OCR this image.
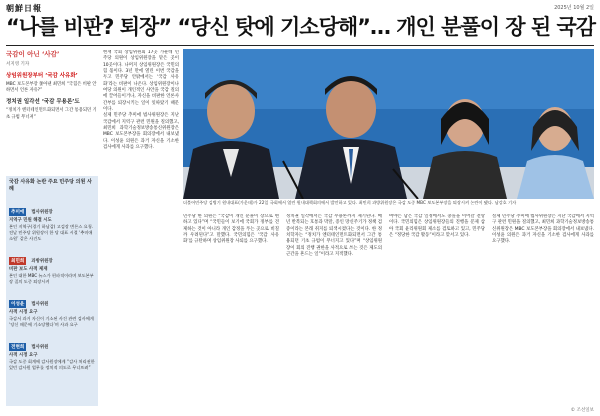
朝鮮日報	2025년 10월 2일
“나를 비판? 퇴장” “당신 탓에 기소당해”… 개인 분풀이 장 된 국감
국감이 아닌 ‘사감’
서지영 기자
상임위원장부터 ‘국감 사유화’
MBC 보도본부장 쫓아낸 최민희 “국힘은 비판 안 하면서 언론 자유?”
정치권 일각선 ‘국감 무용론’도
“정치가 엔터테인먼트화되면서 그간 통용되던 기초 규범 무너져”
국감 사유화 논란 주요 민주당 의원 사례
추미애 법사위원장
지역구 민원 해결 시도
본인 지역구(경기 하남갑) 고검장 변론스 요청. 전날 민주당 위원장이 한 당 대표 시절 ‘추미애 소원’ 같은 사건도
최민희 과방위원장
비판 보도 사적 제재
본인 대한 MBC 뉴스가 편파적이라며 보도본부장 질의 도중 퇴장시켜
이성윤 법사위원
사적 시정 요구
국감서 과거 자신이 기소된 사건 관련 검사에게 ‘당신 때문에 기소당했다’며 사과 요구
전현희 법사위원
사적 시정 요구
국감 도중 회계에 감사원장에게 “감사 처리권한 있던 감사원 업무를 정치적 의도로 무너뜨려”

현재 국회 상임위원회 17곳 가운데 민주당 의원이 상임위원장을 맡은 곳이 10곳이다. 나머지 상임위원장은 국민의힘 몫이다. 3년 만에 열린 이번 국감을 두고 민주당 안팎에서는 ‘국감 사유화’라는 비판이 나온다. 상임위원장이나 여당 의원이 개인적인 사안을 국감 질의에 끌어들이거나, 자신을 비판한 언론사 간부를 퇴장시키는 일이 잇따랐기 때문이다.

실제 민주당 추미애 법사위원장은 지난 국감에서 지역구 관련 민원을 질의했고, 최민희 과학기술정보방송통신위원장은 MBC 보도본부장을 회의장에서 내보냈다. 이성윤 의원은 과거 자신을 기소한 검사에게 사과를 요구했다.

더불어민주당 김병기 원내대표(가운데)가 22일 국회에서 열린 원내대책회의에서 발언하고 있다. 최민희 과방위원장은 국감 도중 MBC 보도본부장을 퇴장시켜 논란이 됐다. 남강호 기자

민주당 한 의원은 “국감이 개인 분풀이 장으로 변하고 있다”며 “국민들이 보기에 국회가 정부를 견제하는 것이 아니라 개인 감정을 푸는 곳으로 비칠까 우려된다”고 말했다. 국민의힘은 ‘국감 사유화’를 규탄하며 상임위원장 사퇴를 요구했다.

정치권 일각에서는 국감 무용론까지 제기된다. 매년 반복되는 호통과 막말, 증인 망신주기가 정책 검증이라는 본래 취지를 퇴색시켰다는 것이다. 한 정치학자는 “정치가 엔터테인먼트화되면서 그간 통용되던 기초 규범이 무너지고 있다”며 “상임위원장이 회의 진행 권한을 사적으로 쓰는 것은 제도의 근간을 흔드는 일”이라고 지적했다.

여야는 남은 국감 일정에서도 충돌을 이어갈 전망이다. 국민의힘은 상임위원장들의 진행을 문제 삼아 국회 윤리위원회 제소를 검토하고 있고, 민주당은 “정당한 국감 활동”이라고 맞서고 있다.

실제 민주당 추미애 법사위원장은 지난 국감에서 지역구 관련 민원을 질의했고, 최민희 과학기술정보방송통신위원장은 MBC 보도본부장을 회의장에서 내보냈다. 이성윤 의원은 과거 자신을 기소한 검사에게 사과를 요구했다.

© 조선일보
